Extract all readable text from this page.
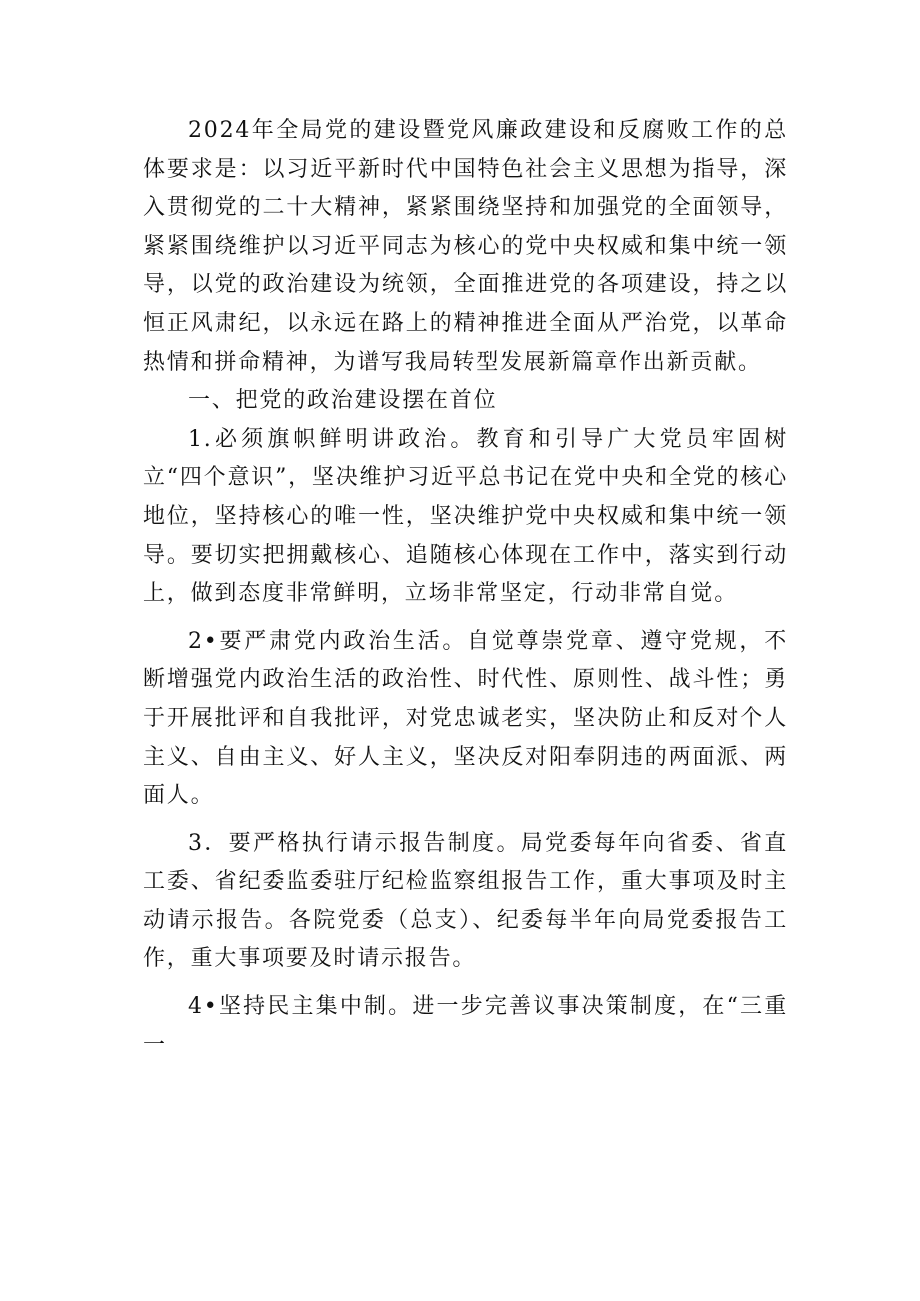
2024年全局党的建设暨党风廉政建设和反腐败工作的总体要求是：以习近平新时代中国特色社会主义思想为指导，深入贯彻党的二十大精神，紧紧围绕坚持和加强党的全面领导，紧紧围绕维护以习近平同志为核心的党中央权威和集中统一领导，以党的政治建设为统领，全面推进党的各项建设，持之以恒正风肃纪，以永远在路上的精神推进全面从严治党，以革命热情和拼命精神，为谱写我局转型发展新篇章作出新贡献。

一、把党的政治建设摆在首位

1.必须旗帜鲜明讲政治。教育和引导广大党员牢固树立“四个意识”，坚决维护习近平总书记在党中央和全党的核心地位，坚持核心的唯一性，坚决维护党中央权威和集中统一领导。要切实把拥戴核心、追随核心体现在工作中，落实到行动上，做到态度非常鲜明，立场非常坚定，行动非常自觉。

2•要严肃党内政治生活。自觉尊崇党章、遵守党规，不断增强党内政治生活的政治性、时代性、原则性、战斗性；勇于开展批评和自我批评，对党忠诚老实，坚决防止和反对个人主义、自由主义、好人主义，坚决反对阳奉阴违的两面派、两面人。

3．要严格执行请示报告制度。局党委每年向省委、省直工委、省纪委监委驻厅纪检监察组报告工作，重大事项及时主动请示报告。各院党委（总支）、纪委每半年向局党委报告工作，重大事项要及时请示报告。

4•坚持民主集中制。进一步完善议事决策制度，在“三重一
